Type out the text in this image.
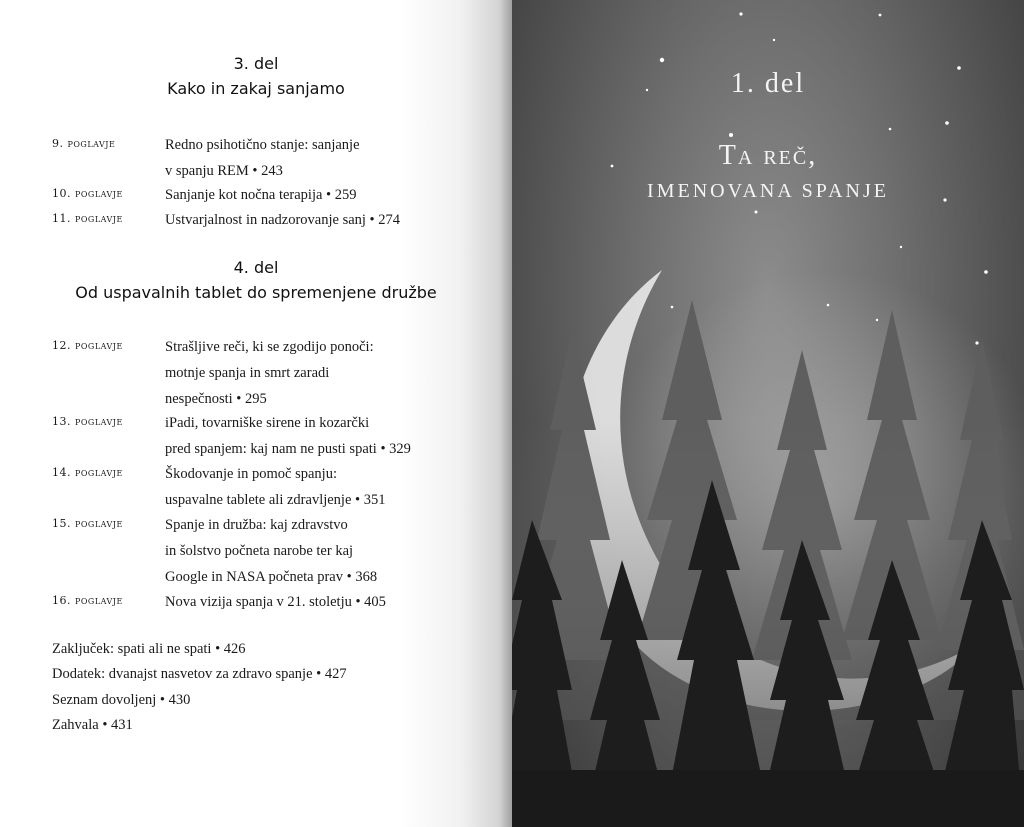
3. del
Kako in zakaj sanjamo
9. poglavje	Redno psihotično stanje: sanjanje
v spanju REM • 243
10. poglavje	Sanjanje kot nočna terapija • 259
11. poglavje	Ustvarjalnost in nadzorovanje sanj • 274
4. del
Od uspavalnih tablet do spremenjene družbe
12. poglavje	Strašljive reči, ki se zgodijo ponoči:
motnje spanja in smrt zaradi
nespečnosti • 295
13. poglavje	iPadi, tovarniške sirene in kozarčki
pred spanjem: kaj nam ne pusti spati • 329
14. poglavje	Škodovanje in pomoč spanju:
uspavalne tablete ali zdravljenje • 351
15. poglavje	Spanje in družba: kaj zdravstvo
in šolstvo počneta narobe ter kaj
Google in NASA počneta prav • 368
16. poglavje	Nova vizija spanja v 21. stoletju • 405
Zaključek: spati ali ne spati • 426
Dodatek: dvanajst nasvetov za zdravo spanje • 427
Seznam dovoljenj • 430
Zahvala • 431
1. del
Ta reč,
IMENOVANA SPANJE
